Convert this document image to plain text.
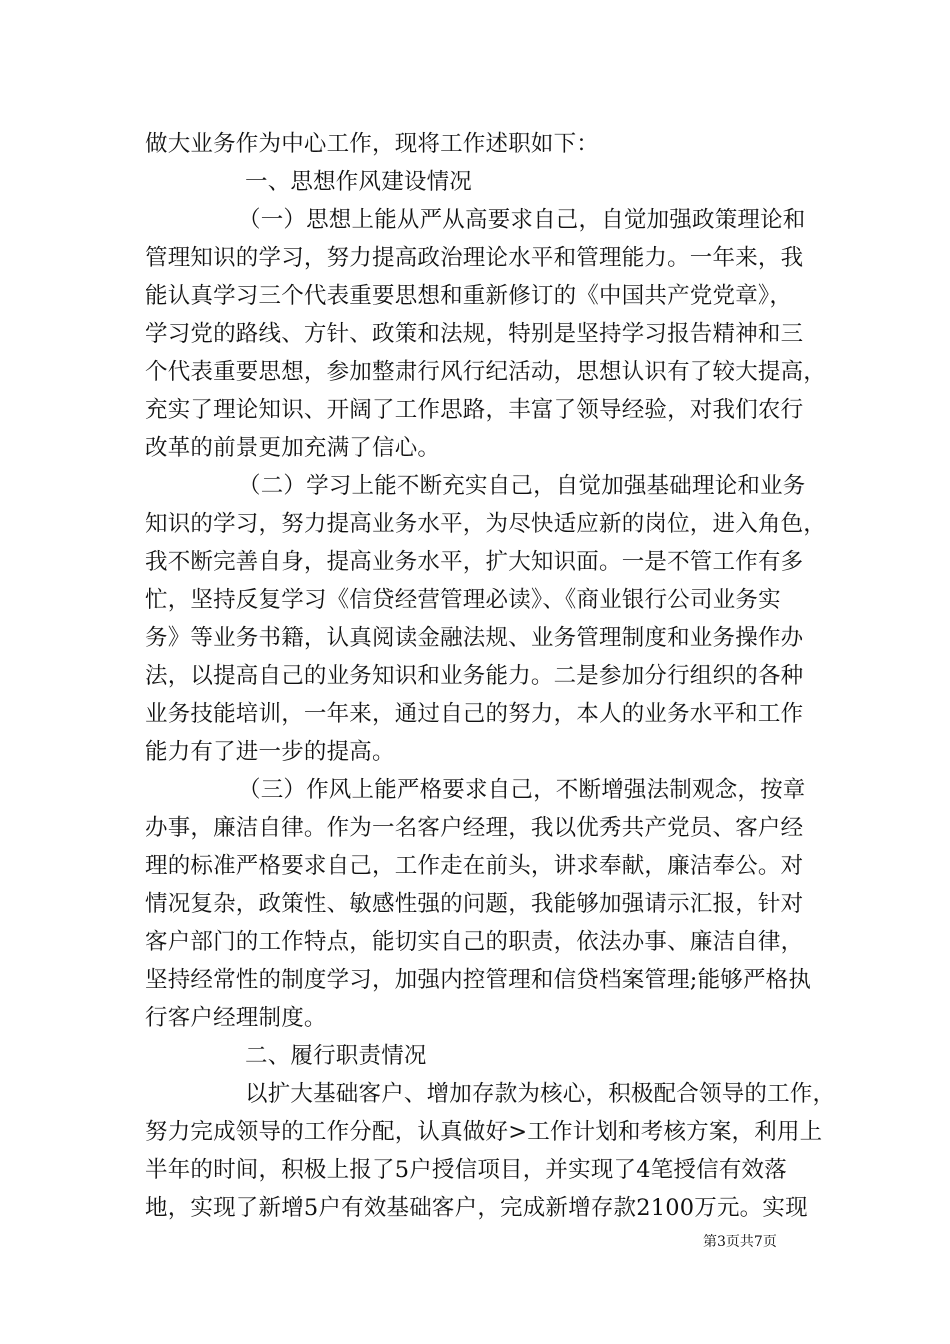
做大业务作为中心工作，现将工作述职如下：
一、思想作风建设情况
（一）思想上能从严从高要求自己，自觉加强政策理论和
管理知识的学习，努力提高政治理论水平和管理能力。一年来，我
能认真学习三个代表重要思想和重新修订的《中国共产党党章》，
学习党的路线、方针、政策和法规，特别是坚持学习报告精神和三
个代表重要思想，参加整肃行风行纪活动，思想认识有了较大提高，
充实了理论知识、开阔了工作思路，丰富了领导经验，对我们农行
改革的前景更加充满了信心。
（二）学习上能不断充实自己，自觉加强基础理论和业务
知识的学习，努力提高业务水平，为尽快适应新的岗位，进入角色，
我不断完善自身，提高业务水平，扩大知识面。一是不管工作有多
忙，坚持反复学习《信贷经营管理必读》、《商业银行公司业务实
务》等业务书籍，认真阅读金融法规、业务管理制度和业务操作办
法，以提高自己的业务知识和业务能力。二是参加分行组织的各种
业务技能培训，一年来，通过自己的努力，本人的业务水平和工作
能力有了进一步的提高。
（三）作风上能严格要求自己，不断增强法制观念，按章
办事，廉洁自律。作为一名客户经理，我以优秀共产党员、客户经
理的标准严格要求自己，工作走在前头，讲求奉献，廉洁奉公。对
情况复杂，政策性、敏感性强的问题，我能够加强请示汇报，针对
客户部门的工作特点，能切实自己的职责，依法办事、廉洁自律，
坚持经常性的制度学习，加强内控管理和信贷档案管理;能够严格执
行客户经理制度。
二、履行职责情况
以扩大基础客户、增加存款为核心，积极配合领导的工作，
努力完成领导的工作分配，认真做好>工作计划和考核方案，利用上
半年的时间，积极上报了5户授信项目，并实现了4笔授信有效落
地，实现了新增5户有效基础客户，完成新增存款2100万元。实现
第3页共7页
